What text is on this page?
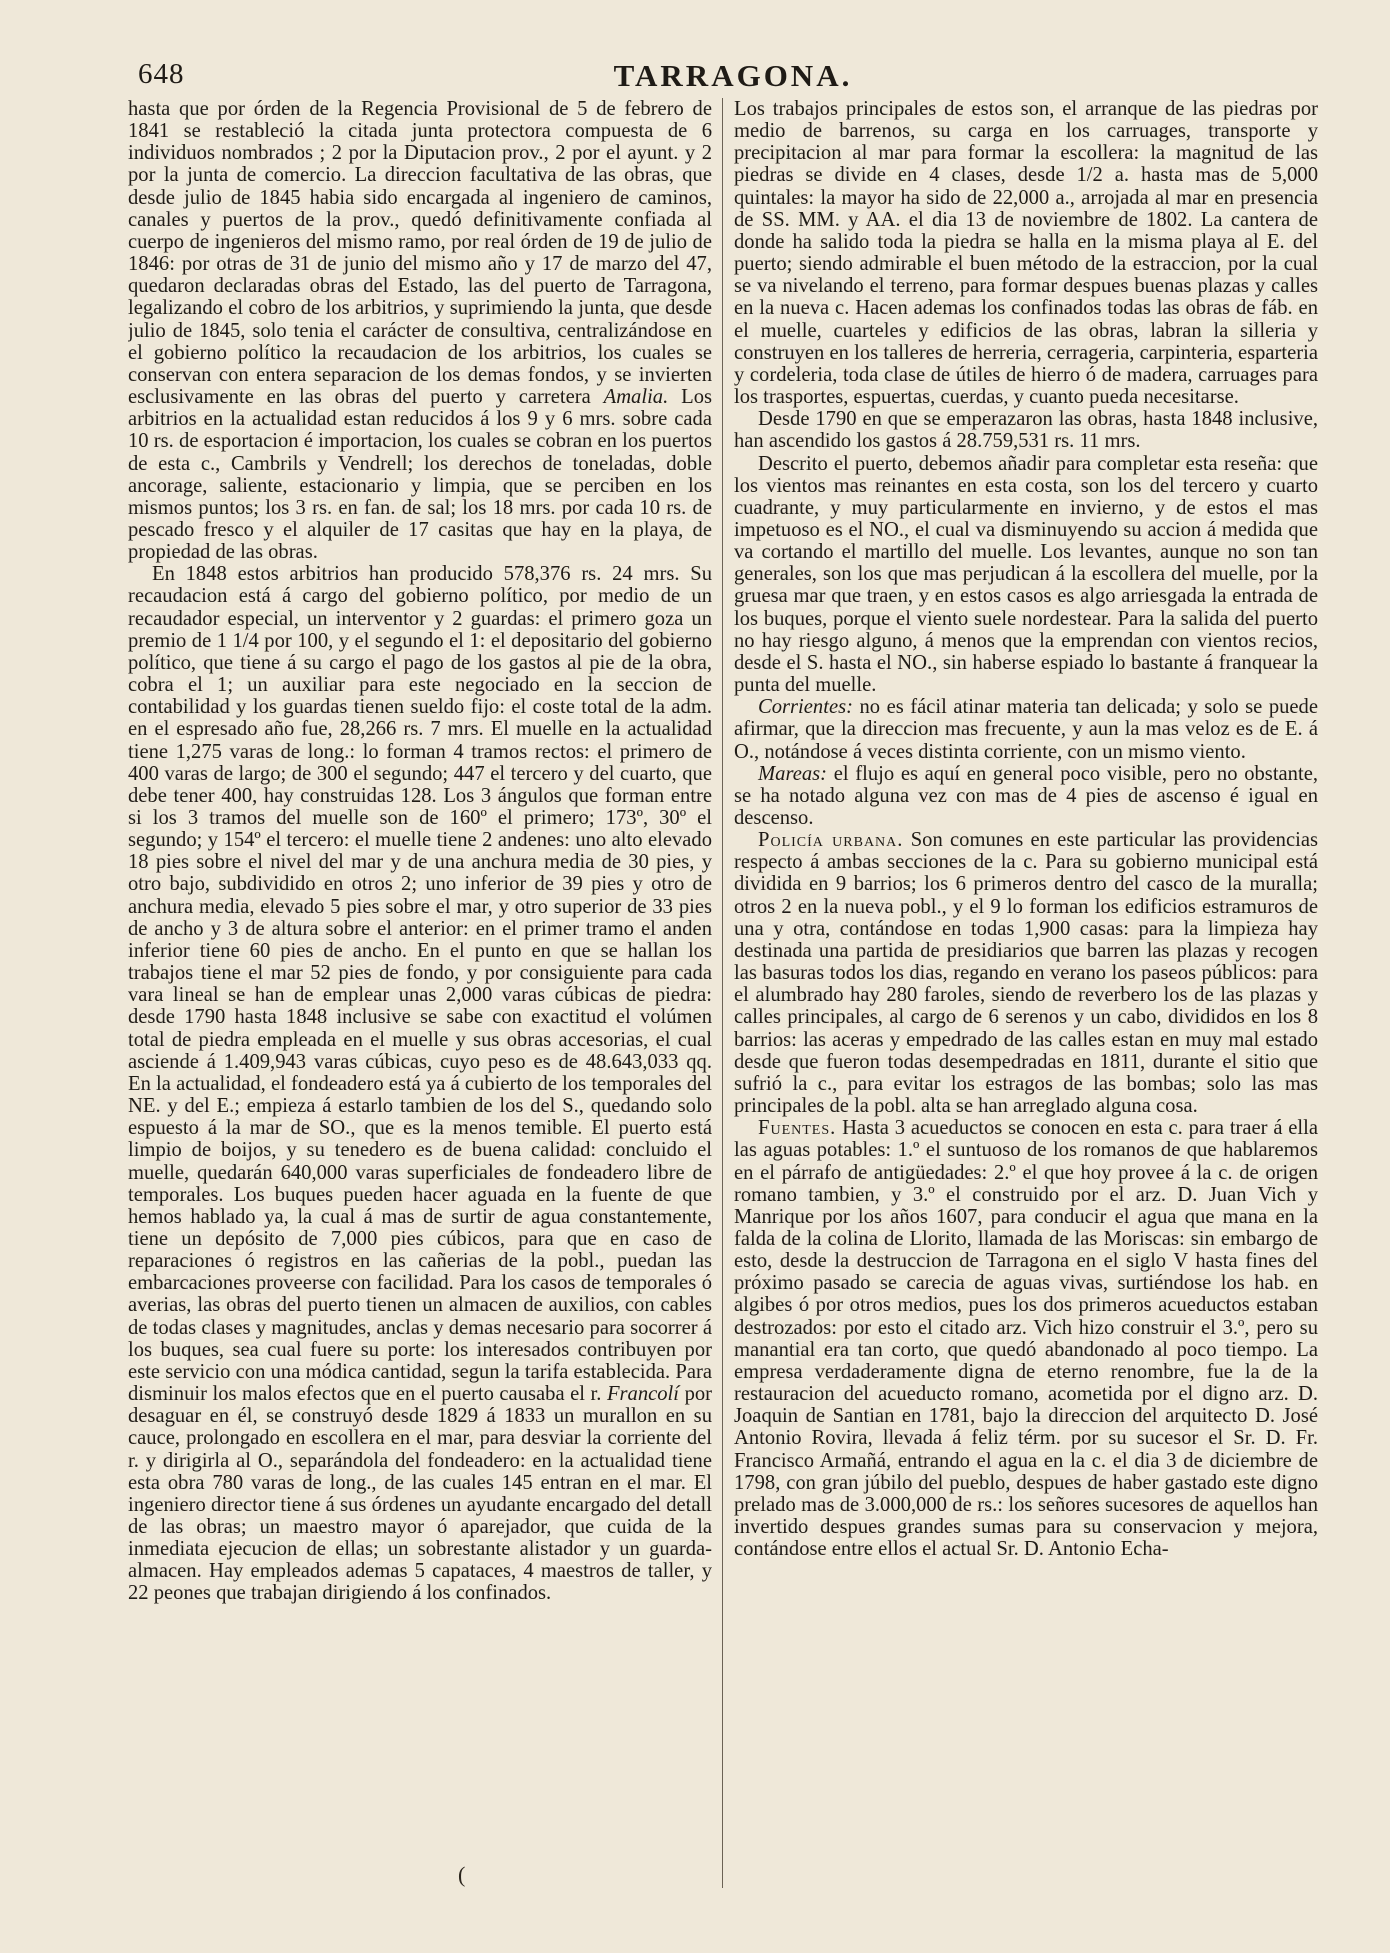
648	TARRAGONA.

hasta que por órden de la Regencia Provisional de 5 de febrero de 1841 se restableció la citada junta protectora compuesta de 6 individuos nombrados ; 2 por la Diputacion prov., 2 por el ayunt. y 2 por la junta de comercio. La direccion facultativa de las obras, que desde julio de 1845 habia sido encargada al ingeniero de caminos, canales y puertos de la prov., quedó definitivamente confiada al cuerpo de ingenieros del mismo ramo, por real órden de 19 de julio de 1846: por otras de 31 de junio del mismo año y 17 de marzo del 47, quedaron declaradas obras del Estado, las del puerto de Tarragona, legalizando el cobro de los arbitrios, y suprimiendo la junta, que desde julio de 1845, solo tenia el carácter de consultiva, centralizándose en el gobierno político la recaudacion de los arbitrios, los cuales se conservan con entera separacion de los demas fondos, y se invierten esclusivamente en las obras del puerto y carretera Amalia. Los arbitrios en la actualidad estan reducidos á los 9 y 6 mrs. sobre cada 10 rs. de esportacion é importacion, los cuales se cobran en los puertos de esta c., Cambrils y Vendrell; los derechos de toneladas, doble ancorage, saliente, estacionario y limpia, que se perciben en los mismos puntos; los 3 rs. en fan. de sal; los 18 mrs. por cada 10 rs. de pescado fresco y el alquiler de 17 casitas que hay en la playa, de propiedad de las obras.

En 1848 estos arbitrios han producido 578,376 rs. 24 mrs. Su recaudacion está á cargo del gobierno político, por medio de un recaudador especial, un interventor y 2 guardas: el primero goza un premio de 1 1/4 por 100, y el segundo el 1: el depositario del gobierno político, que tiene á su cargo el pago de los gastos al pie de la obra, cobra el 1; un auxiliar para este negociado en la seccion de contabilidad y los guardas tienen sueldo fijo: el coste total de la adm. en el espresado año fue, 28,266 rs. 7 mrs. El muelle en la actualidad tiene 1,275 varas de long.: lo forman 4 tramos rectos: el primero de 400 varas de largo; de 300 el segundo; 447 el tercero y del cuarto, que debe tener 400, hay construidas 128. Los 3 ángulos que forman entre si los 3 tramos del muelle son de 160º el primero; 173º, 30º el segundo; y 154º el tercero: el muelle tiene 2 andenes: uno alto elevado 18 pies sobre el nivel del mar y de una anchura media de 30 pies, y otro bajo, subdividido en otros 2; uno inferior de 39 pies y otro de anchura media, elevado 5 pies sobre el mar, y otro superior de 33 pies de ancho y 3 de altura sobre el anterior: en el primer tramo el anden inferior tiene 60 pies de ancho. En el punto en que se hallan los trabajos tiene el mar 52 pies de fondo, y por consiguiente para cada vara lineal se han de emplear unas 2,000 varas cúbicas de piedra: desde 1790 hasta 1848 inclusive se sabe con exactitud el volúmen total de piedra empleada en el muelle y sus obras accesorias, el cual asciende á 1.409,943 varas cúbicas, cuyo peso es de 48.643,033 qq. En la actualidad, el fondeadero está ya á cubierto de los temporales del NE. y del E.; empieza á estarlo tambien de los del S., quedando solo espuesto á la mar de SO., que es la menos temible. El puerto está limpio de boijos, y su tenedero es de buena calidad: concluido el muelle, quedarán 640,000 varas superficiales de fondeadero libre de temporales. Los buques pueden hacer aguada en la fuente de que hemos hablado ya, la cual á mas de surtir de agua constantemente, tiene un depósito de 7,000 pies cúbicos, para que en caso de reparaciones ó registros en las cañerias de la pobl., puedan las embarcaciones proveerse con facilidad. Para los casos de temporales ó averias, las obras del puerto tienen un almacen de auxilios, con cables de todas clases y magnitudes, anclas y demas necesario para socorrer á los buques, sea cual fuere su porte: los interesados contribuyen por este servicio con una módica cantidad, segun la tarifa establecida. Para disminuir los malos efectos que en el puerto causaba el r. Francolí por desaguar en él, se construyó desde 1829 á 1833 un murallon en su cauce, prolongado en escollera en el mar, para desviar la corriente del r. y dirigirla al O., separándola del fondeadero: en la actualidad tiene esta obra 780 varas de long., de las cuales 145 entran en el mar. El ingeniero director tiene á sus órdenes un ayudante encargado del detall de las obras; un maestro mayor ó aparejador, que cuida de la inmediata ejecucion de ellas; un sobrestante alistador y un guarda-almacen. Hay empleados ademas 5 capataces, 4 maestros de taller, y 22 peones que trabajan dirigiendo á los confinados.

Los trabajos principales de estos son, el arranque de las piedras por medio de barrenos, su carga en los carruages, transporte y precipitacion al mar para formar la escollera: la magnitud de las piedras se divide en 4 clases, desde 1/2 a. hasta mas de 5,000 quintales: la mayor ha sido de 22,000 a., arrojada al mar en presencia de SS. MM. y AA. el dia 13 de noviembre de 1802. La cantera de donde ha salido toda la piedra se halla en la misma playa al E. del puerto; siendo admirable el buen método de la estraccion, por la cual se va nivelando el terreno, para formar despues buenas plazas y calles en la nueva c. Hacen ademas los confinados todas las obras de fáb. en el muelle, cuarteles y edificios de las obras, labran la silleria y construyen en los talleres de herreria, cerrageria, carpinteria, esparteria y cordeleria, toda clase de útiles de hierro ó de madera, carruages para los trasportes, espuertas, cuerdas, y cuanto pueda necesitarse.

Desde 1790 en que se emperazaron las obras, hasta 1848 inclusive, han ascendido los gastos á 28.759,531 rs. 11 mrs.

Descrito el puerto, debemos añadir para completar esta reseña: que los vientos mas reinantes en esta costa, son los del tercero y cuarto cuadrante, y muy particularmente en invierno, y de estos el mas impetuoso es el NO., el cual va disminuyendo su accion á medida que va cortando el martillo del muelle. Los levantes, aunque no son tan generales, son los que mas perjudican á la escollera del muelle, por la gruesa mar que traen, y en estos casos es algo arriesgada la entrada de los buques, porque el viento suele nordestear. Para la salida del puerto no hay riesgo alguno, á menos que la emprendan con vientos recios, desde el S. hasta el NO., sin haberse espiado lo bastante á franquear la punta del muelle.

Corrientes: no es fácil atinar materia tan delicada; y solo se puede afirmar, que la direccion mas frecuente, y aun la mas veloz es de E. á O., notándose á veces distinta corriente, con un mismo viento.

Mareas: el flujo es aquí en general poco visible, pero no obstante, se ha notado alguna vez con mas de 4 pies de ascenso é igual en descenso.

Policía urbana. Son comunes en este particular las providencias respecto á ambas secciones de la c. Para su gobierno municipal está dividida en 9 barrios; los 6 primeros dentro del casco de la muralla; otros 2 en la nueva pobl., y el 9 lo forman los edificios estramuros de una y otra, contándose en todas 1,900 casas: para la limpieza hay destinada una partida de presidiarios que barren las plazas y recogen las basuras todos los dias, regando en verano los paseos públicos: para el alumbrado hay 280 faroles, siendo de reverbero los de las plazas y calles principales, al cargo de 6 serenos y un cabo, divididos en los 8 barrios: las aceras y empedrado de las calles estan en muy mal estado desde que fueron todas desempedradas en 1811, durante el sitio que sufrió la c., para evitar los estragos de las bombas; solo las mas principales de la pobl. alta se han arreglado alguna cosa.

Fuentes. Hasta 3 acueductos se conocen en esta c. para traer á ella las aguas potables: 1.º el suntuoso de los romanos de que hablaremos en el párrafo de antigüedades: 2.º el que hoy provee á la c. de origen romano tambien, y 3.º el construido por el arz. D. Juan Vich y Manrique por los años 1607, para conducir el agua que mana en la falda de la colina de Llorito, llamada de las Moriscas: sin embargo de esto, desde la destruccion de Tarragona en el siglo V hasta fines del próximo pasado se carecia de aguas vivas, surtiéndose los hab. en algibes ó por otros medios, pues los dos primeros acueductos estaban destrozados: por esto el citado arz. Vich hizo construir el 3.º, pero su manantial era tan corto, que quedó abandonado al poco tiempo. La empresa verdaderamente digna de eterno renombre, fue la de la restauracion del acueducto romano, acometida por el digno arz. D. Joaquin de Santian en 1781, bajo la direccion del arquitecto D. José Antonio Rovira, llevada á feliz térm. por su sucesor el Sr. D. Fr. Francisco Armañá, entrando el agua en la c. el dia 3 de diciembre de 1798, con gran júbilo del pueblo, despues de haber gastado este digno prelado mas de 3.000,000 de rs.: los señores sucesores de aquellos han invertido despues grandes sumas para su conservacion y mejora, contándose entre ellos el actual Sr. D. Antonio Echa-

(
